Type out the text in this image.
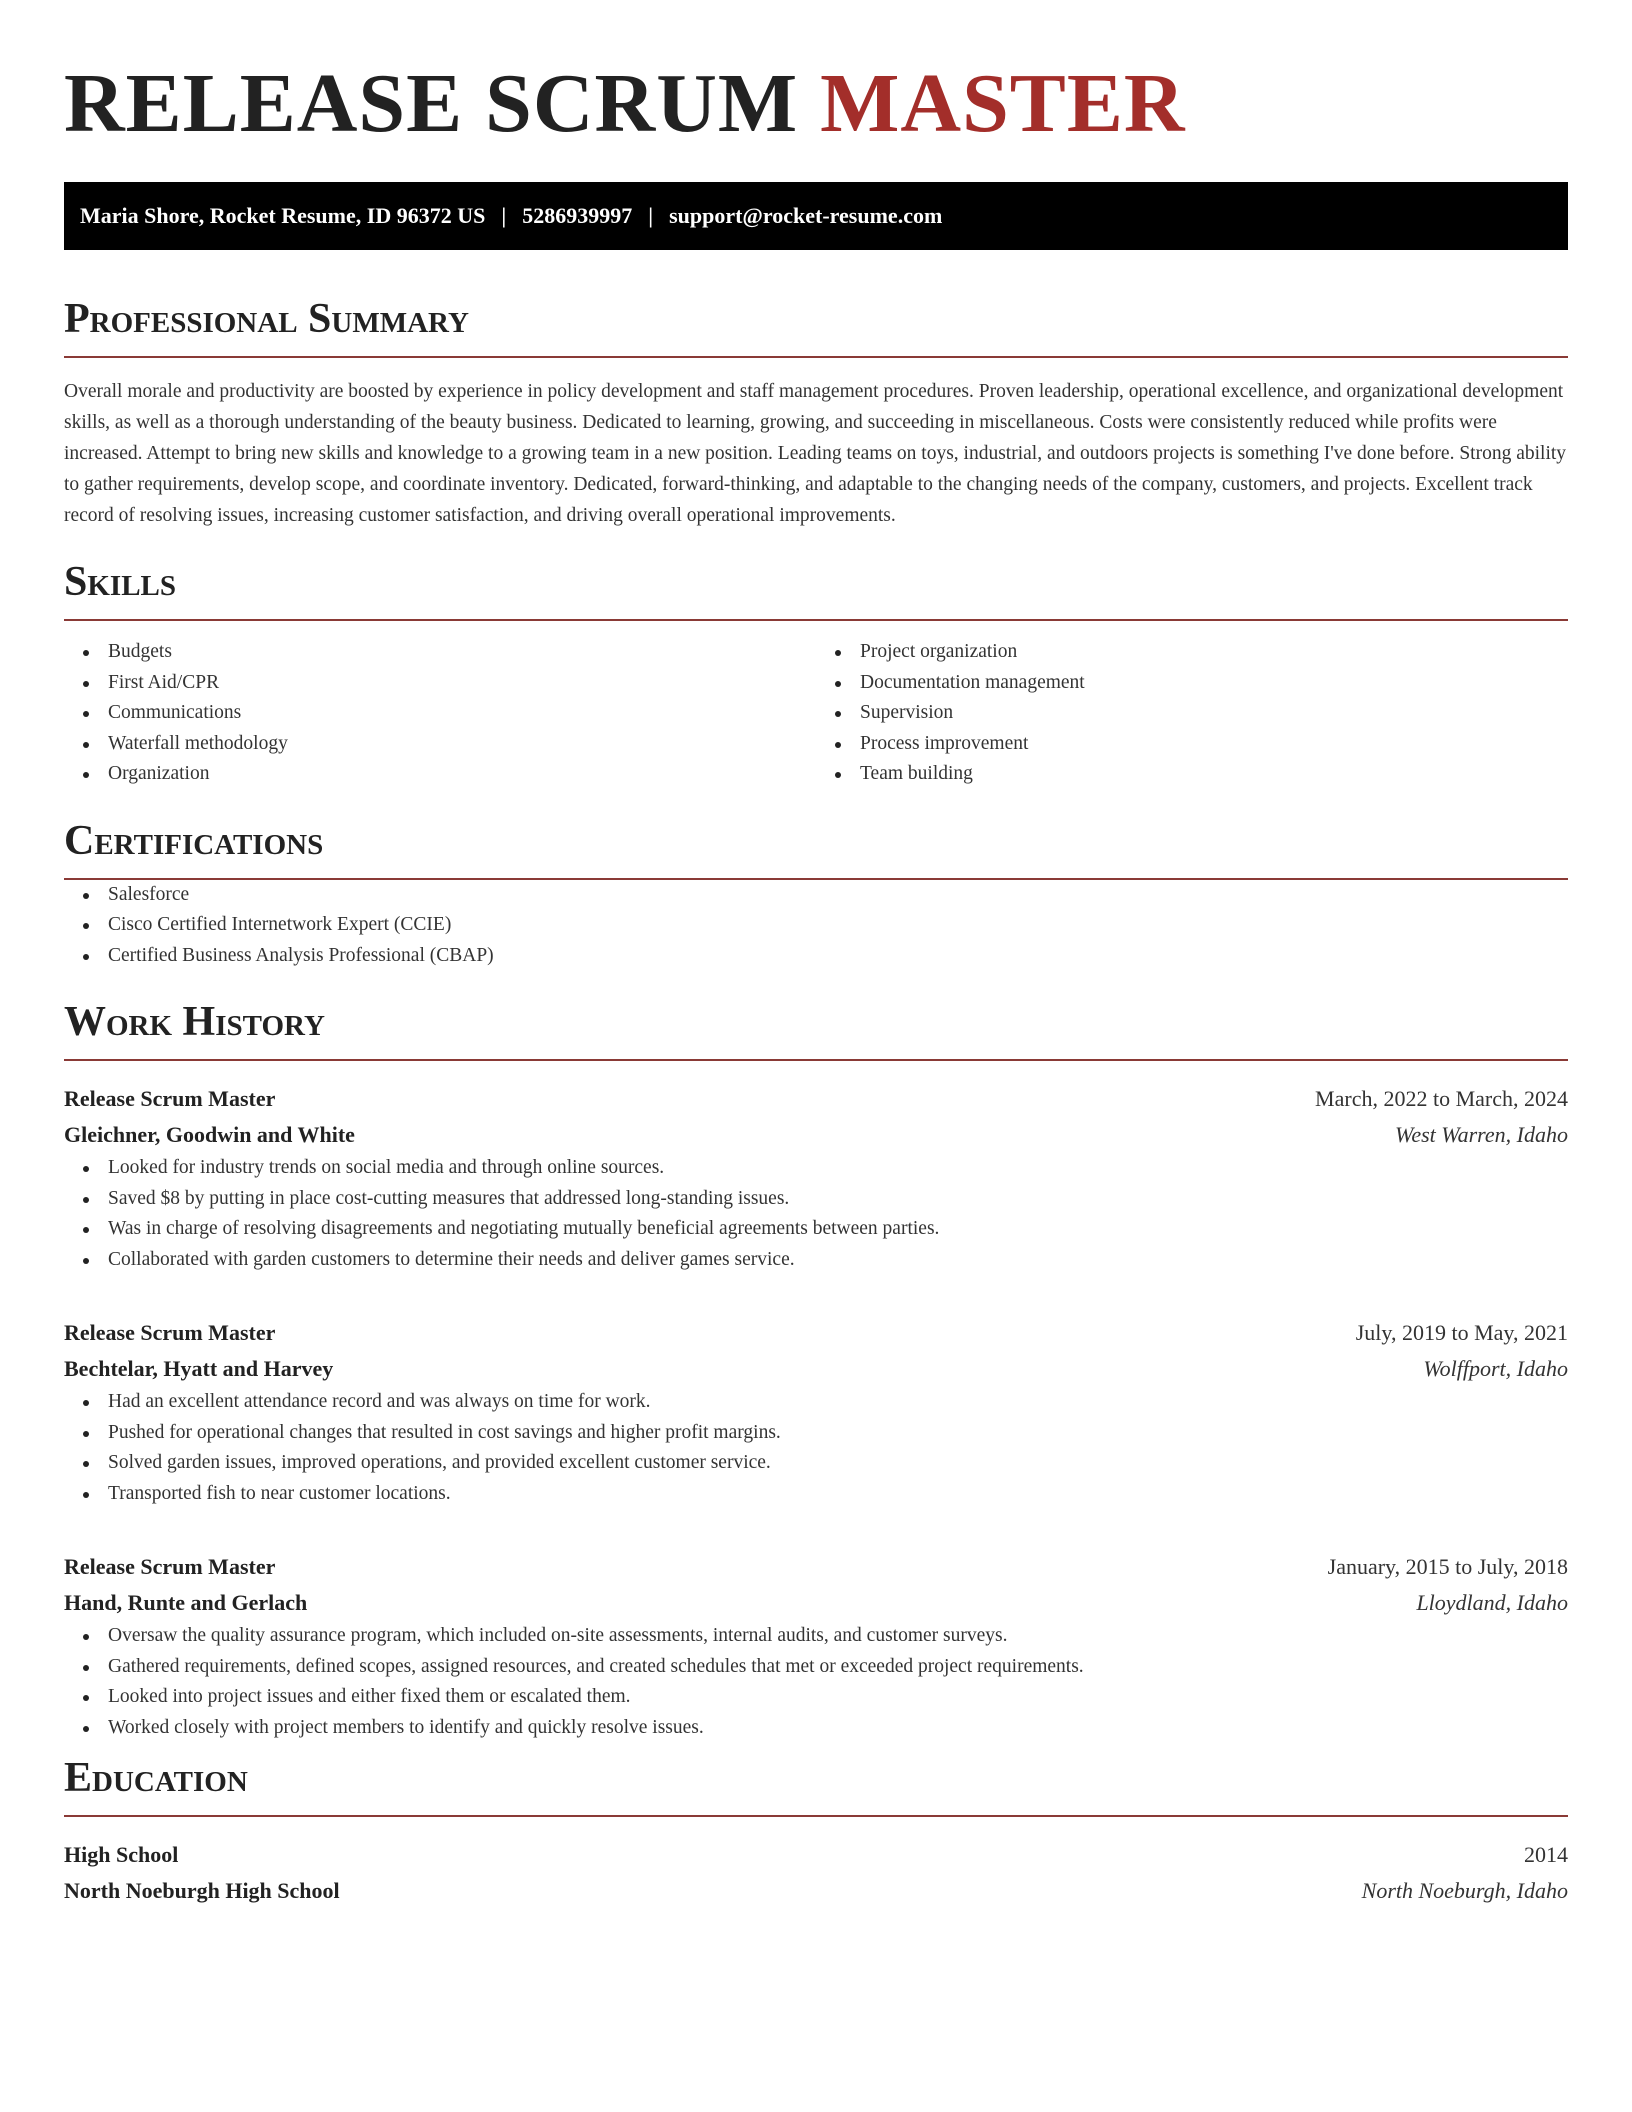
RELEASE SCRUM MASTER
Maria Shore, Rocket Resume, ID 96372 US | 5286939997 | support@rocket-resume.com
Professional Summary

Overall morale and productivity are boosted by experience in policy development and staff management procedures. Proven leadership, operational excellence, and organizational development skills, as well as a thorough understanding of the beauty business. Dedicated to learning, growing, and succeeding in miscellaneous. Costs were consistently reduced while profits were increased. Attempt to bring new skills and knowledge to a growing team in a new position. Leading teams on toys, industrial, and outdoors projects is something I've done before. Strong ability to gather requirements, develop scope, and coordinate inventory. Dedicated, forward-thinking, and adaptable to the changing needs of the company, customers, and projects. Excellent track record of resolving issues, increasing customer satisfaction, and driving overall operational improvements.

Skills
Budgets
First Aid/CPR
Communications
Waterfall methodology
Organization
Project organization
Documentation management
Supervision
Process improvement
Team building
Certifications
Salesforce
Cisco Certified Internetwork Expert (CCIE)
Certified Business Analysis Professional (CBAP)
Work History
Release Scrum Master	March, 2022 to March, 2024
Gleichner, Goodwin and White	West Warren, Idaho
Looked for industry trends on social media and through online sources.
Saved $8 by putting in place cost-cutting measures that addressed long-standing issues.
Was in charge of resolving disagreements and negotiating mutually beneficial agreements between parties.
Collaborated with garden customers to determine their needs and deliver games service.
Release Scrum Master	July, 2019 to May, 2021
Bechtelar, Hyatt and Harvey	Wolffport, Idaho
Had an excellent attendance record and was always on time for work.
Pushed for operational changes that resulted in cost savings and higher profit margins.
Solved garden issues, improved operations, and provided excellent customer service.
Transported fish to near customer locations.
Release Scrum Master	January, 2015 to July, 2018
Hand, Runte and Gerlach	Lloydland, Idaho
Oversaw the quality assurance program, which included on-site assessments, internal audits, and customer surveys.
Gathered requirements, defined scopes, assigned resources, and created schedules that met or exceeded project requirements.
Looked into project issues and either fixed them or escalated them.
Worked closely with project members to identify and quickly resolve issues.
Education
High School	2014
North Noeburgh High School	North Noeburgh, Idaho
